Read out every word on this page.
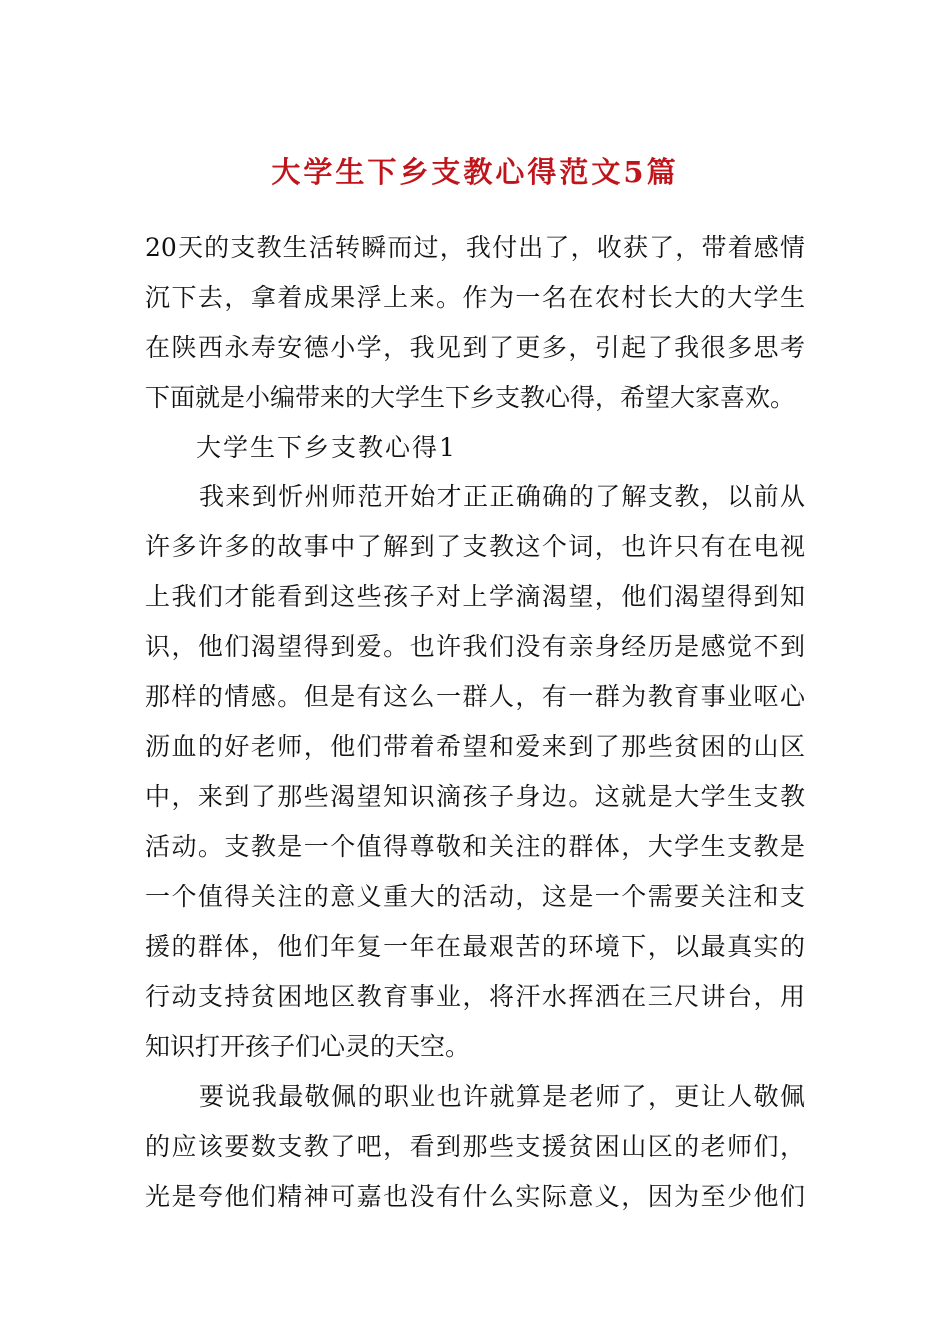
大学生下乡支教心得范文5篇
20天的支教生活转瞬而过，我付出了，收获了，带着感情
沉下去，拿着成果浮上来。作为一名在农村长大的大学生
在陕西永寿安德小学，我见到了更多，引起了我很多思考
下面就是小编带来的大学生下乡支教心得，希望大家喜欢。
大学生下乡支教心得1
我来到忻州师范开始才正正确确的了解支教，以前从
许多许多的故事中了解到了支教这个词，也许只有在电视
上我们才能看到这些孩子对上学滴渴望，他们渴望得到知
识，他们渴望得到爱。也许我们没有亲身经历是感觉不到
那样的情感。但是有这么一群人，有一群为教育事业呕心
沥血的好老师，他们带着希望和爱来到了那些贫困的山区
中，来到了那些渴望知识滴孩子身边。这就是大学生支教
活动。支教是一个值得尊敬和关注的群体，大学生支教是
一个值得关注的意义重大的活动，这是一个需要关注和支
援的群体，他们年复一年在最艰苦的环境下，以最真实的
行动支持贫困地区教育事业，将汗水挥洒在三尺讲台，用
知识打开孩子们心灵的天空。
要说我最敬佩的职业也许就算是老师了，更让人敬佩
的应该要数支教了吧，看到那些支援贫困山区的老师们，
光是夸他们精神可嘉也没有什么实际意义，因为至少他们
